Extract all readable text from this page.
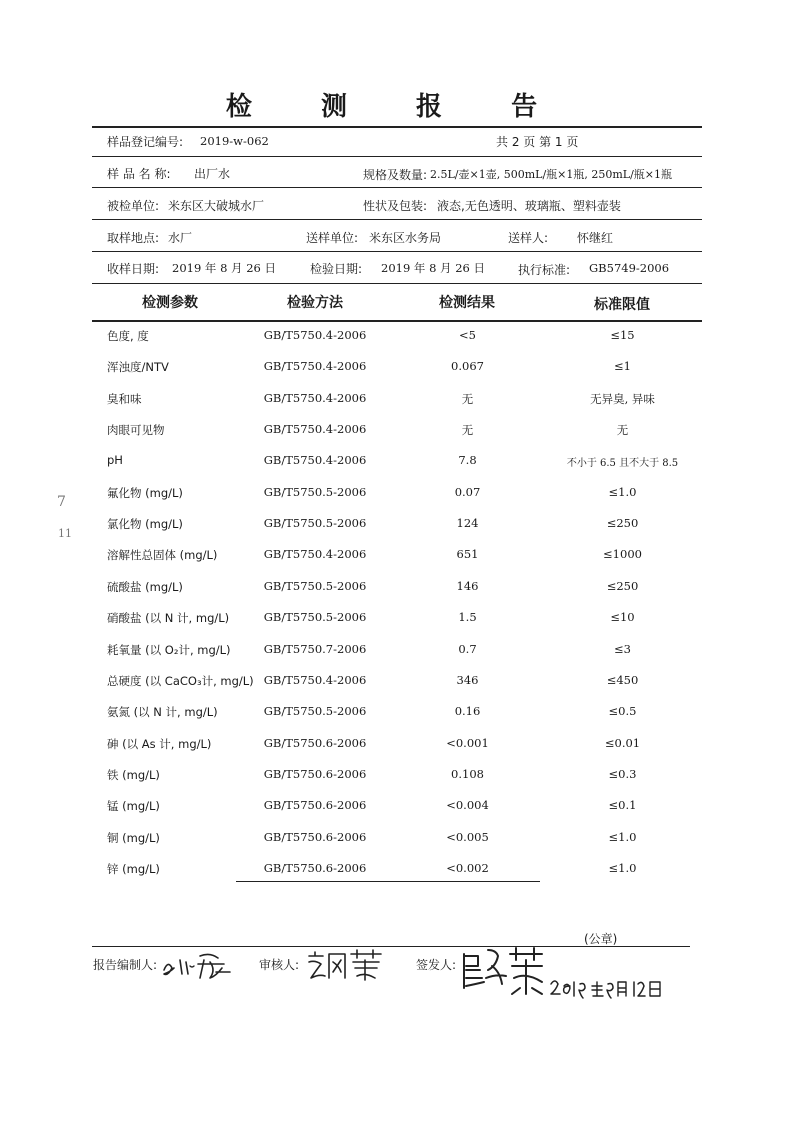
检 测 报 告
样品登记编号: 2019-w-062	共 2 页 第 1 页
样 品 名 称: 出厂水	规格及数量: 2.5L/壶×1壶, 500mL/瓶×1瓶, 250mL/瓶×1瓶
被检单位: 米东区大破城水厂	性状及包装: 液态,无色透明、玻璃瓶、塑料壶装
取样地点: 水厂	送样单位: 米东区水务局	送样人: 怀继红
收样日期: 2019 年 8 月 26 日	检验日期: 2019 年 8 月 26 日	执行标准: GB5749-2006
检测参数	检验方法	检测结果	标准限值
色度, 度	GB/T5750.4-2006	<5	≤15
浑浊度/NTV	GB/T5750.4-2006	0.067	≤1
臭和味	GB/T5750.4-2006	无	无异臭, 异味
肉眼可见物	GB/T5750.4-2006	无	无
pH	GB/T5750.4-2006	7.8	不小于 6.5 且不大于 8.5
氟化物 (mg/L)	GB/T5750.5-2006	0.07	≤1.0
氯化物 (mg/L)	GB/T5750.5-2006	124	≤250
溶解性总固体 (mg/L)	GB/T5750.4-2006	651	≤1000
硫酸盐 (mg/L)	GB/T5750.5-2006	146	≤250
硝酸盐 (以 N 计, mg/L)	GB/T5750.5-2006	1.5	≤10
耗氧量 (以 O₂计, mg/L)	GB/T5750.7-2006	0.7	≤3
总硬度 (以 CaCO₃计, mg/L) GB/T5750.4-2006	346	≤450
氨氮 (以 N 计, mg/L)	GB/T5750.5-2006	0.16	≤0.5
砷 (以 As 计, mg/L)	GB/T5750.6-2006	<0.001	≤0.01
铁 (mg/L)	GB/T5750.6-2006	0.108	≤0.3
锰 (mg/L)	GB/T5750.6-2006	<0.004	≤0.1
铜 (mg/L)	GB/T5750.6-2006	<0.005	≤1.0
锌 (mg/L)	GB/T5750.6-2006	<0.002	≤1.0
(公章)
报告编制人:	审核人:	签发人:
7
11
